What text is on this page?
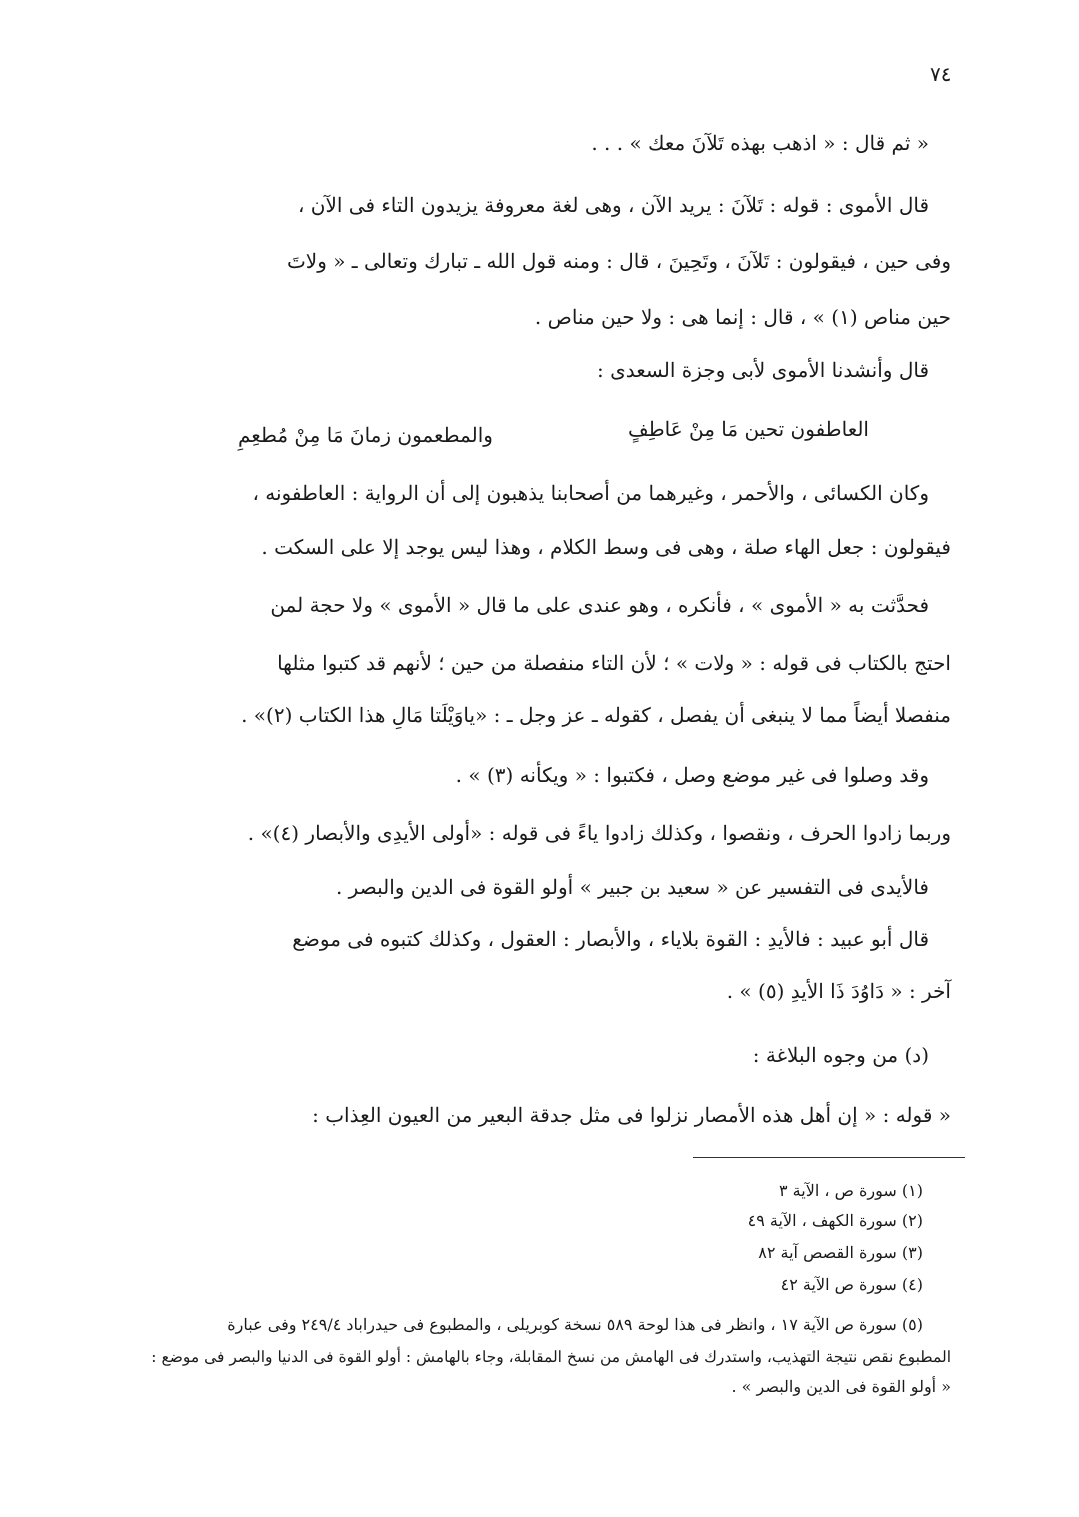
٧٤
« ثم قال : « اذهب بهذه تَلآنَ معك » . . .
قال الأموى : قوله : تَلآنَ : يريد الآن ، وهى لغة معروفة يزيدون التاء فى الآن ،
وفى حين ، فيقولون : تَلآنَ ، وتَحِينَ ، قال : ومنه قول الله ـ تبارك وتعالى ـ « ولاتَ
حين مناص (١) » ، قال : إنما هى : ولا حين مناص .
قال وأنشدنا الأموى لأبى وجزة السعدى :
العاطفون تحين مَا مِنْ عَاطِفٍ
والمطعمون زمانَ مَا مِنْ مُطعِمِ
وكان الكسائى ، والأحمر ، وغيرهما من أصحابنا يذهبون إلى أن الرواية : العاطفونه ،
فيقولون : جعل الهاء صلة ، وهى فى وسط الكلام ، وهذا ليس يوجد إلا على السكت .
فحدَّثت به « الأموى » ، فأنكره ، وهو عندى على ما قال « الأموى » ولا حجة لمن
احتج بالكتاب فى قوله : « ولات » ؛ لأن التاء منفصلة من حين ؛ لأنهم قد كتبوا مثلها
منفصلا أيضاً مما لا ينبغى أن يفصل ، كقوله ـ عز وجل ـ : «ياوَيْلَتا مَالِ هذا الكتاب (٢)» .
وقد وصلوا فى غير موضع وصل ، فكتبوا : « ويكأنه (٣) » .
وربما زادوا الحرف ، ونقصوا ، وكذلك زادوا ياءً فى قوله : «أولى الأيدِى والأبصار (٤)» .
فالأيدى فى التفسير عن « سعيد بن جبير » أولو القوة فى الدين والبصر .
قال أبو عبيد : فالأيدِ : القوة بلاياء ، والأبصار : العقول ، وكذلك كتبوه فى موضع
آخر : « دَاوُدَ ذَا الأيدِ (٥) » .
(د) من وجوه البلاغة :
« قوله : « إن أهل هذه الأمصار نزلوا فى مثل جدقة البعير من العيون العِذاب :
(١) سورة ص ، الآية ٣
(٢) سورة الكهف ، الآية ٤٩
(٣) سورة القصص آية ٨٢
(٤) سورة ص الآية ٤٢
(٥) سورة ص الآية ١٧ ، وانظر فى هذا لوحة ٥٨٩ نسخة كوبريلى ، والمطبوع فى حيدراباد ٢٤٩/٤ وفى عبارة
المطبوع نقص نتيجة التهذيب، واستدرك فى الهامش من نسخ المقابلة، وجاء بالهامش : أولو القوة فى الدنيا والبصر فى موضع :
« أولو القوة فى الدين والبصر » .
